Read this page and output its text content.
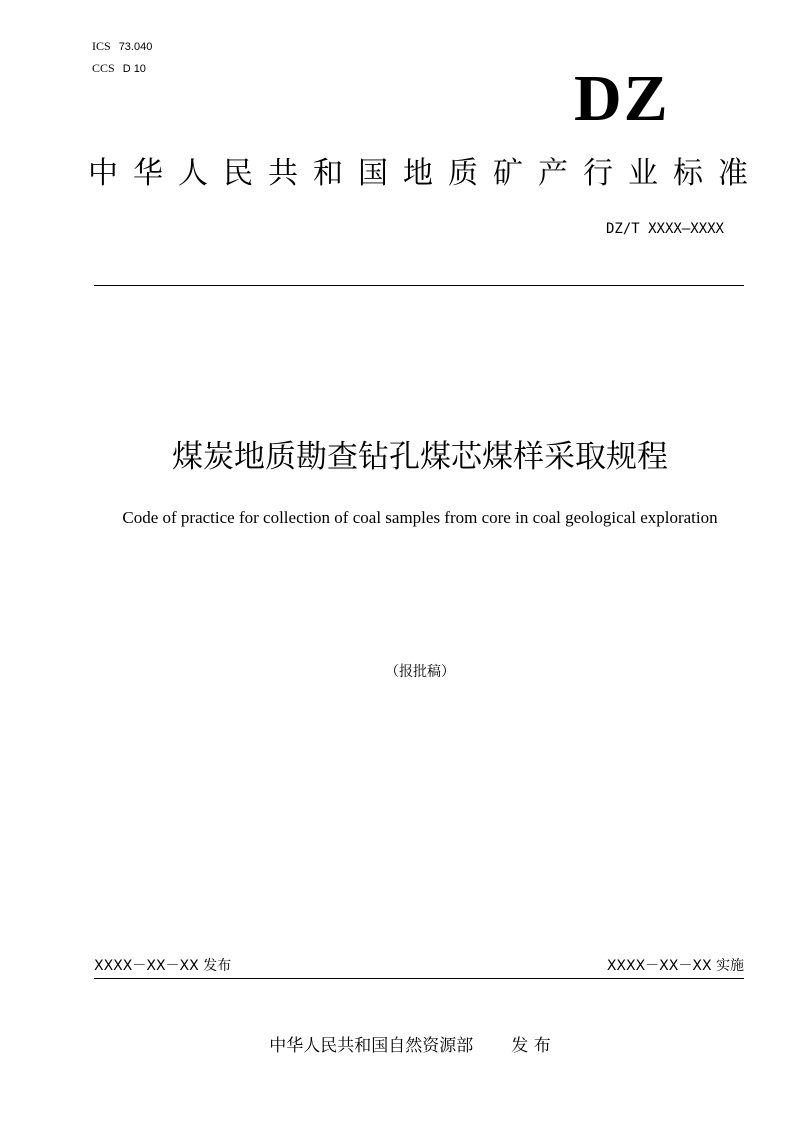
ICS 73.040
CCS D 10	DZ
中华人民共和国地质矿产行业标准
DZ/T XXXX—XXXX
煤炭地质勘查钻孔煤芯煤样采取规程
Code of practice for collection of coal samples from core in coal geological exploration
（报批稿）
XXXX－XX－XX 发布	XXXX－XX－XX 实施
中华人民共和国自然资源部 发 布
